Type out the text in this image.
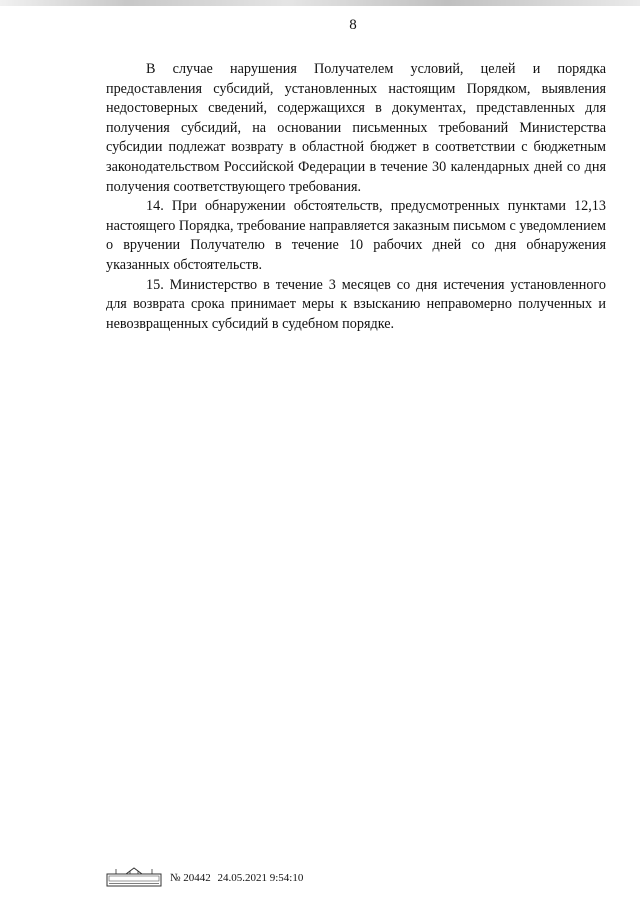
8

В случае нарушения Получателем условий, целей и порядка предоставления субсидий, установленных настоящим Порядком, выявления недостоверных сведений, содержащихся в документах, представленных для получения субсидий, на основании письменных требований Министерства субсидии подлежат возврату в областной бюджет в соответствии с бюджетным законодательством Российской Федерации в течение 30 календарных дней со дня получения соответствующего требования.

14. При обнаружении обстоятельств, предусмотренных пунктами 12,13 настоящего Порядка, требование направляется заказным письмом с уведомлением о вручении Получателю в течение 10 рабочих дней со дня обнаружения указанных обстоятельств.

15. Министерство в течение 3 месяцев со дня истечения установленного для возврата срока принимает меры к взысканию неправомерно полученных и невозвращенных субсидий в судебном порядке.

№ 20442 24.05.2021 9:54:10
